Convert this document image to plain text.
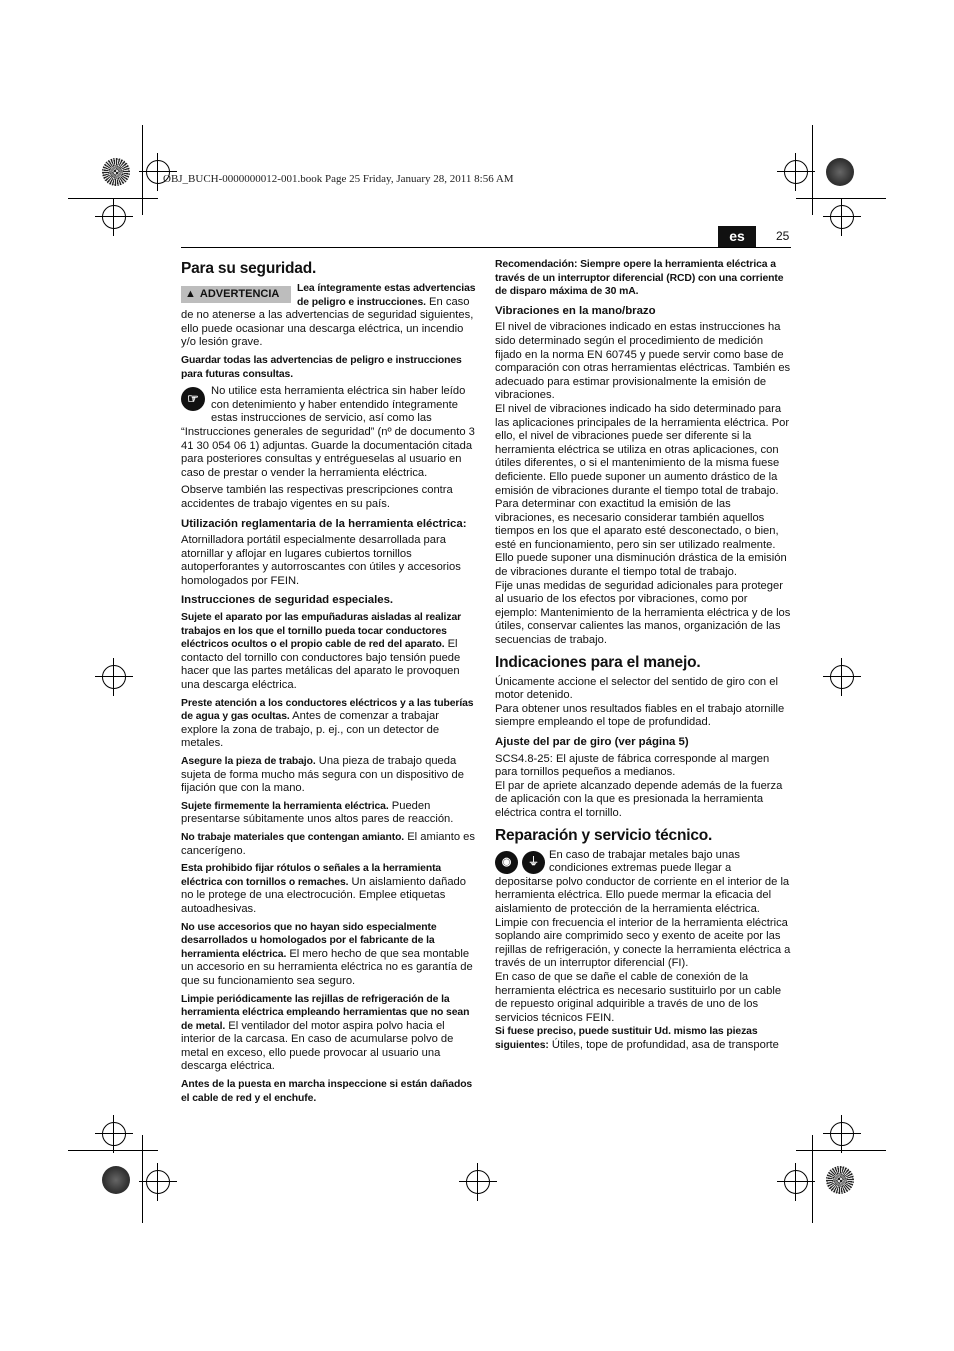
OBJ_BUCH-0000000012-001.book Page 25 Friday, January 28, 2011 8:56 AM
es	25
Para su seguridad.
▲ ADVERTENCIA	Lea íntegramente estas advertencias de peligro e instrucciones. En caso de no atenerse a las advertencias de seguridad siguientes, ello puede ocasionar una descarga eléctrica, un incendio y/o lesión grave.

Guardar todas las advertencias de peligro e instrucciones para futuras consultas.

☞	No utilice esta herramienta eléctrica sin haber leído con detenimiento y haber entendido íntegramente estas instrucciones de servicio, así como las “Instrucciones generales de seguridad” (nº de documento 3 41 30 054 06 1) adjuntas. Guarde la documentación citada para posteriores consultas y entrégueselas al usuario en caso de prestar o vender la herramienta eléctrica.

Observe también las respectivas prescripciones contra accidentes de trabajo vigentes en su país.

Utilización reglamentaria de la herramienta eléctrica:

Atornilladora portátil especialmente desarrollada para atornillar y aflojar en lugares cubiertos tornillos autoperforantes y autorroscantes con útiles y accesorios homologados por FEIN.

Instrucciones de seguridad especiales.

Sujete el aparato por las empuñaduras aisladas al realizar trabajos en los que el tornillo pueda tocar conductores eléctricos ocultos o el propio cable de red del aparato. El contacto del tornillo con conductores bajo tensión puede hacer que las partes metálicas del aparato le provoquen una descarga eléctrica.

Preste atención a los conductores eléctricos y a las tuberías de agua y gas ocultas. Antes de comenzar a trabajar explore la zona de trabajo, p. ej., con un detector de metales.

Asegure la pieza de trabajo. Una pieza de trabajo queda sujeta de forma mucho más segura con un dispositivo de fijación que con la mano.

Sujete firmemente la herramienta eléctrica. Pueden presentarse súbitamente unos altos pares de reacción.

No trabaje materiales que contengan amianto. El amianto es cancerígeno.

Esta prohibido fijar rótulos o señales a la herramienta eléctrica con tornillos o remaches. Un aislamiento dañado no le protege de una electrocución. Emplee etiquetas autoadhesivas.

No use accesorios que no hayan sido especialmente desarrollados u homologados por el fabricante de la herramienta eléctrica. El mero hecho de que sea montable un accesorio en su herramienta eléctrica no es garantía de que su funcionamiento sea seguro.

Limpie periódicamente las rejillas de refrigeración de la herramienta eléctrica empleando herramientas que no sean de metal. El ventilador del motor aspira polvo hacia el interior de la carcasa. En caso de acumularse polvo de metal en exceso, ello puede provocar al usuario una descarga eléctrica.

Antes de la puesta en marcha inspeccione si están dañados el cable de red y el enchufe.

Recomendación: Siempre opere la herramienta eléctrica a través de un interruptor diferencial (RCD) con una corriente de disparo máxima de 30 mA.

Vibraciones en la mano/brazo

El nivel de vibraciones indicado en estas instrucciones ha sido determinado según el procedimiento de medición fijado en la norma EN 60745 y puede servir como base de comparación con otras herramientas eléctricas. También es adecuado para estimar provisionalmente la emisión de vibraciones.

El nivel de vibraciones indicado ha sido determinado para las aplicaciones principales de la herramienta eléctrica. Por ello, el nivel de vibraciones puede ser diferente si la herramienta eléctrica se utiliza en otras aplicaciones, con útiles diferentes, o si el mantenimiento de la misma fuese deficiente. Ello puede suponer un aumento drástico de la emisión de vibraciones durante el tiempo total de trabajo.

Para determinar con exactitud la emisión de las vibraciones, es necesario considerar también aquellos tiempos en los que el aparato esté desconectado, o bien, esté en funcionamiento, pero sin ser utilizado realmente. Ello puede suponer una disminución drástica de la emisión de vibraciones durante el tiempo total de trabajo.

Fije unas medidas de seguridad adicionales para proteger al usuario de los efectos por vibraciones, como por ejemplo: Mantenimiento de la herramienta eléctrica y de los útiles, conservar calientes las manos, organización de las secuencias de trabajo.

Indicaciones para el manejo.

Únicamente accione el selector del sentido de giro con el motor detenido.

Para obtener unos resultados fiables en el trabajo atornille siempre empleando el tope de profundidad.

Ajuste del par de giro (ver página 5)

SCS4.8-25: El ajuste de fábrica corresponde al margen para tornillos pequeños a medianos.

El par de apriete alcanzado depende además de la fuerza de aplicación con la que es presionada la herramienta eléctrica contra el tornillo.

Reparación y servicio técnico.
◉	⏚

En caso de trabajar metales bajo unas condiciones extremas puede llegar a depositarse polvo conductor de corriente en el interior de la herramienta eléctrica. Ello puede mermar la eficacia del aislamiento de protección de la herramienta eléctrica. Limpie con frecuencia el interior de la herramienta eléctrica soplando aire comprimido seco y exento de aceite por las rejillas de refrigeración, y conecte la herramienta eléctrica a través de un interruptor diferencial (FI).

En caso de que se dañe el cable de conexión de la herramienta eléctrica es necesario sustituirlo por un cable de repuesto original adquirible a través de uno de los servicios técnicos FEIN.

Si fuese preciso, puede sustituir Ud. mismo las piezas siguientes: Útiles, tope de profundidad, asa de transporte
